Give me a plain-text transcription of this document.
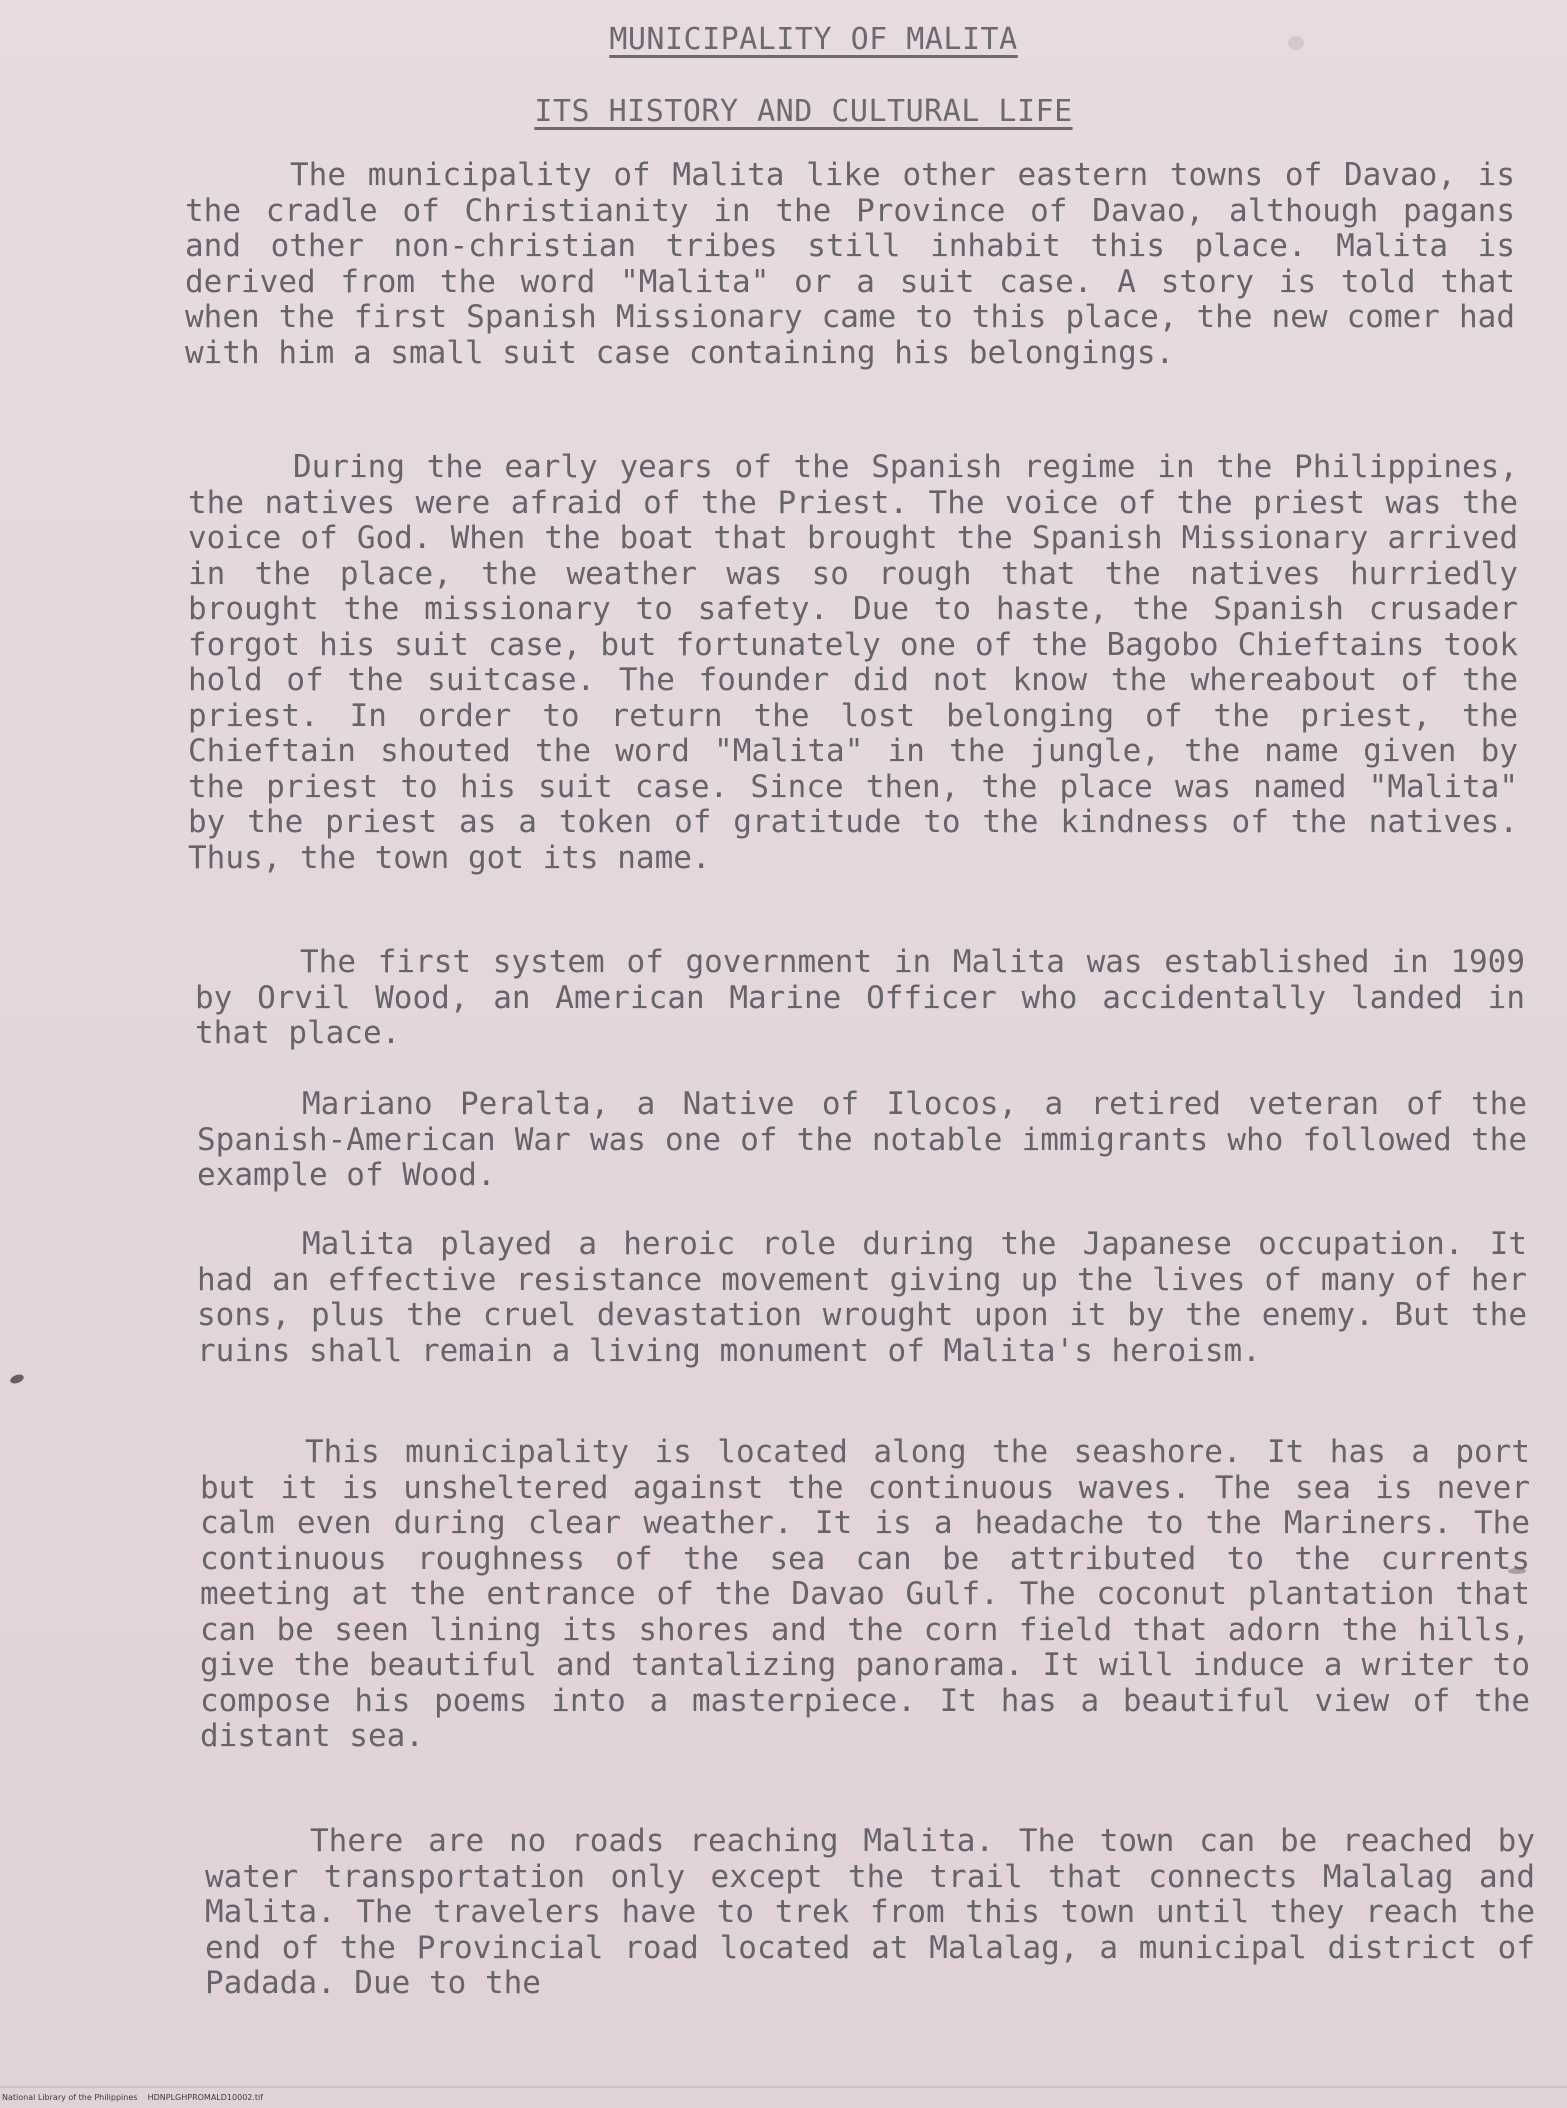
MUNICIPALITY OF MALITA
ITS HISTORY AND CULTURAL LIFE
The municipality of Malita like other eastern towns of Davao, is the cradle of Christianity in the Province of Davao, although pagans and other non-christian tribes still inhabit this place. Malita is derived from the word "Malita" or a suit case. A story is told that when the first Spanish Missionary came to this place, the new comer had with him a small suit case containing his belongings.
During the early years of the Spanish regime in the Philippines, the natives were afraid of the Priest. The voice of the priest was the voice of God. When the boat that brought the Spanish Missionary arrived in the place, the weather was so rough that the natives hurriedly brought the missionary to safety. Due to haste, the Spanish crusader forgot his suit case, but fortunately one of the Bagobo Chieftains took hold of the suitcase. The founder did not know the whereabout of the priest. In order to return the lost belonging of the priest, the Chieftain shouted the word "Malita" in the jungle, the name given by the priest to his suit case. Since then, the place was named "Malita" by the priest as a token of gratitude to the kindness of the natives. Thus, the town got its name.
The first system of government in Malita was established in 1909 by Orvil Wood, an American Marine Officer who accidentally landed in that place.
Mariano Peralta, a Native of Ilocos, a retired veteran of the Spanish-American War was one of the notable immigrants who followed the example of Wood.
Malita played a heroic role during the Japanese occupation. It had an effective resistance movement giving up the lives of many of her sons, plus the cruel devastation wrought upon it by the enemy. But the ruins shall remain a living monument of Malita's heroism.
This municipality is located along the seashore. It has a port but it is unsheltered against the continuous waves. The sea is never calm even during clear weather. It is a headache to the Mariners. The continuous roughness of the sea can be attributed to the currents meeting at the entrance of the Davao Gulf. The coconut plantation that can be seen lining its shores and the corn field that adorn the hills, give the beautiful and tantalizing panorama. It will induce a writer to compose his poems into a masterpiece. It has a beautiful view of the distant sea.
There are no roads reaching Malita. The town can be reached by water transportation only except the trail that connects Malalag and Malita. The travelers have to trek from this town until they reach the end of the Provincial road located at Malalag, a municipal district of Padada. Due to the
National Library of the Philippines    HDNPLGHPROMALD10002.tif
